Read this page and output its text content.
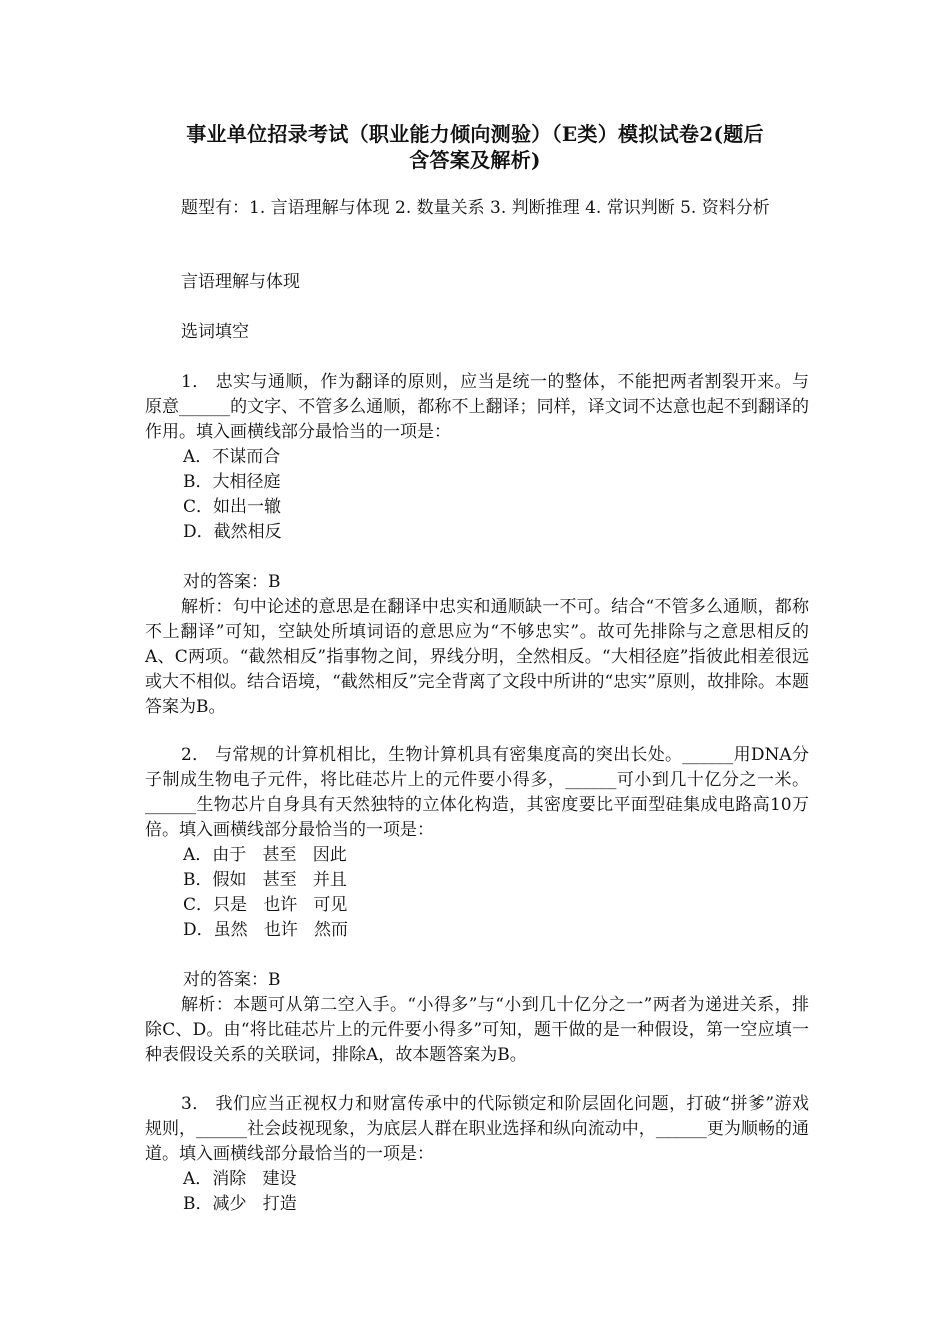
事业单位招录考试（职业能力倾向测验）（E类）模拟试卷2(题后
含答案及解析)
题型有：1. 言语理解与体现 2. 数量关系 3. 判断推理 4. 常识判断 5. 资料分析
言语理解与体现
选词填空

1． 忠实与通顺，作为翻译的原则，应当是统一的整体，不能把两者割裂开来。与原意______的文字、不管多么通顺，都称不上翻译；同样，译文词不达意也起不到翻译的作用。填入画横线部分最恰当的一项是：

A．不谋而合
B．大相径庭
C．如出一辙
D．截然相反
对的答案：B

解析：句中论述的意思是在翻译中忠实和通顺缺一不可。结合“不管多么通顺，都称不上翻译”可知，空缺处所填词语的意思应为“不够忠实”。故可先排除与之意思相反的A、C两项。“截然相反”指事物之间，界线分明，全然相反。“大相径庭”指彼此相差很远或大不相似。结合语境，“截然相反”完全背离了文段中所讲的“忠实”原则，故排除。本题答案为B。

2． 与常规的计算机相比，生物计算机具有密集度高的突出长处。______用DNA分子制成生物电子元件，将比硅芯片上的元件要小得多，______可小到几十亿分之一米。______生物芯片自身具有天然独特的立体化构造，其密度要比平面型硅集成电路高10万倍。填入画横线部分最恰当的一项是：

A．由于   甚至   因此
B．假如   甚至   并且
C．只是   也许   可见
D．虽然   也许   然而
对的答案：B

解析：本题可从第二空入手。“小得多”与“小到几十亿分之一”两者为递进关系，排除C、D。由“将比硅芯片上的元件要小得多”可知，题干做的是一种假设，第一空应填一种表假设关系的关联词，排除A，故本题答案为B。

3． 我们应当正视权力和财富传承中的代际锁定和阶层固化问题，打破“拼爹”游戏规则，______社会歧视现象，为底层人群在职业选择和纵向流动中，______更为顺畅的通道。填入画横线部分最恰当的一项是：

A．消除   建设
B．减少   打造
